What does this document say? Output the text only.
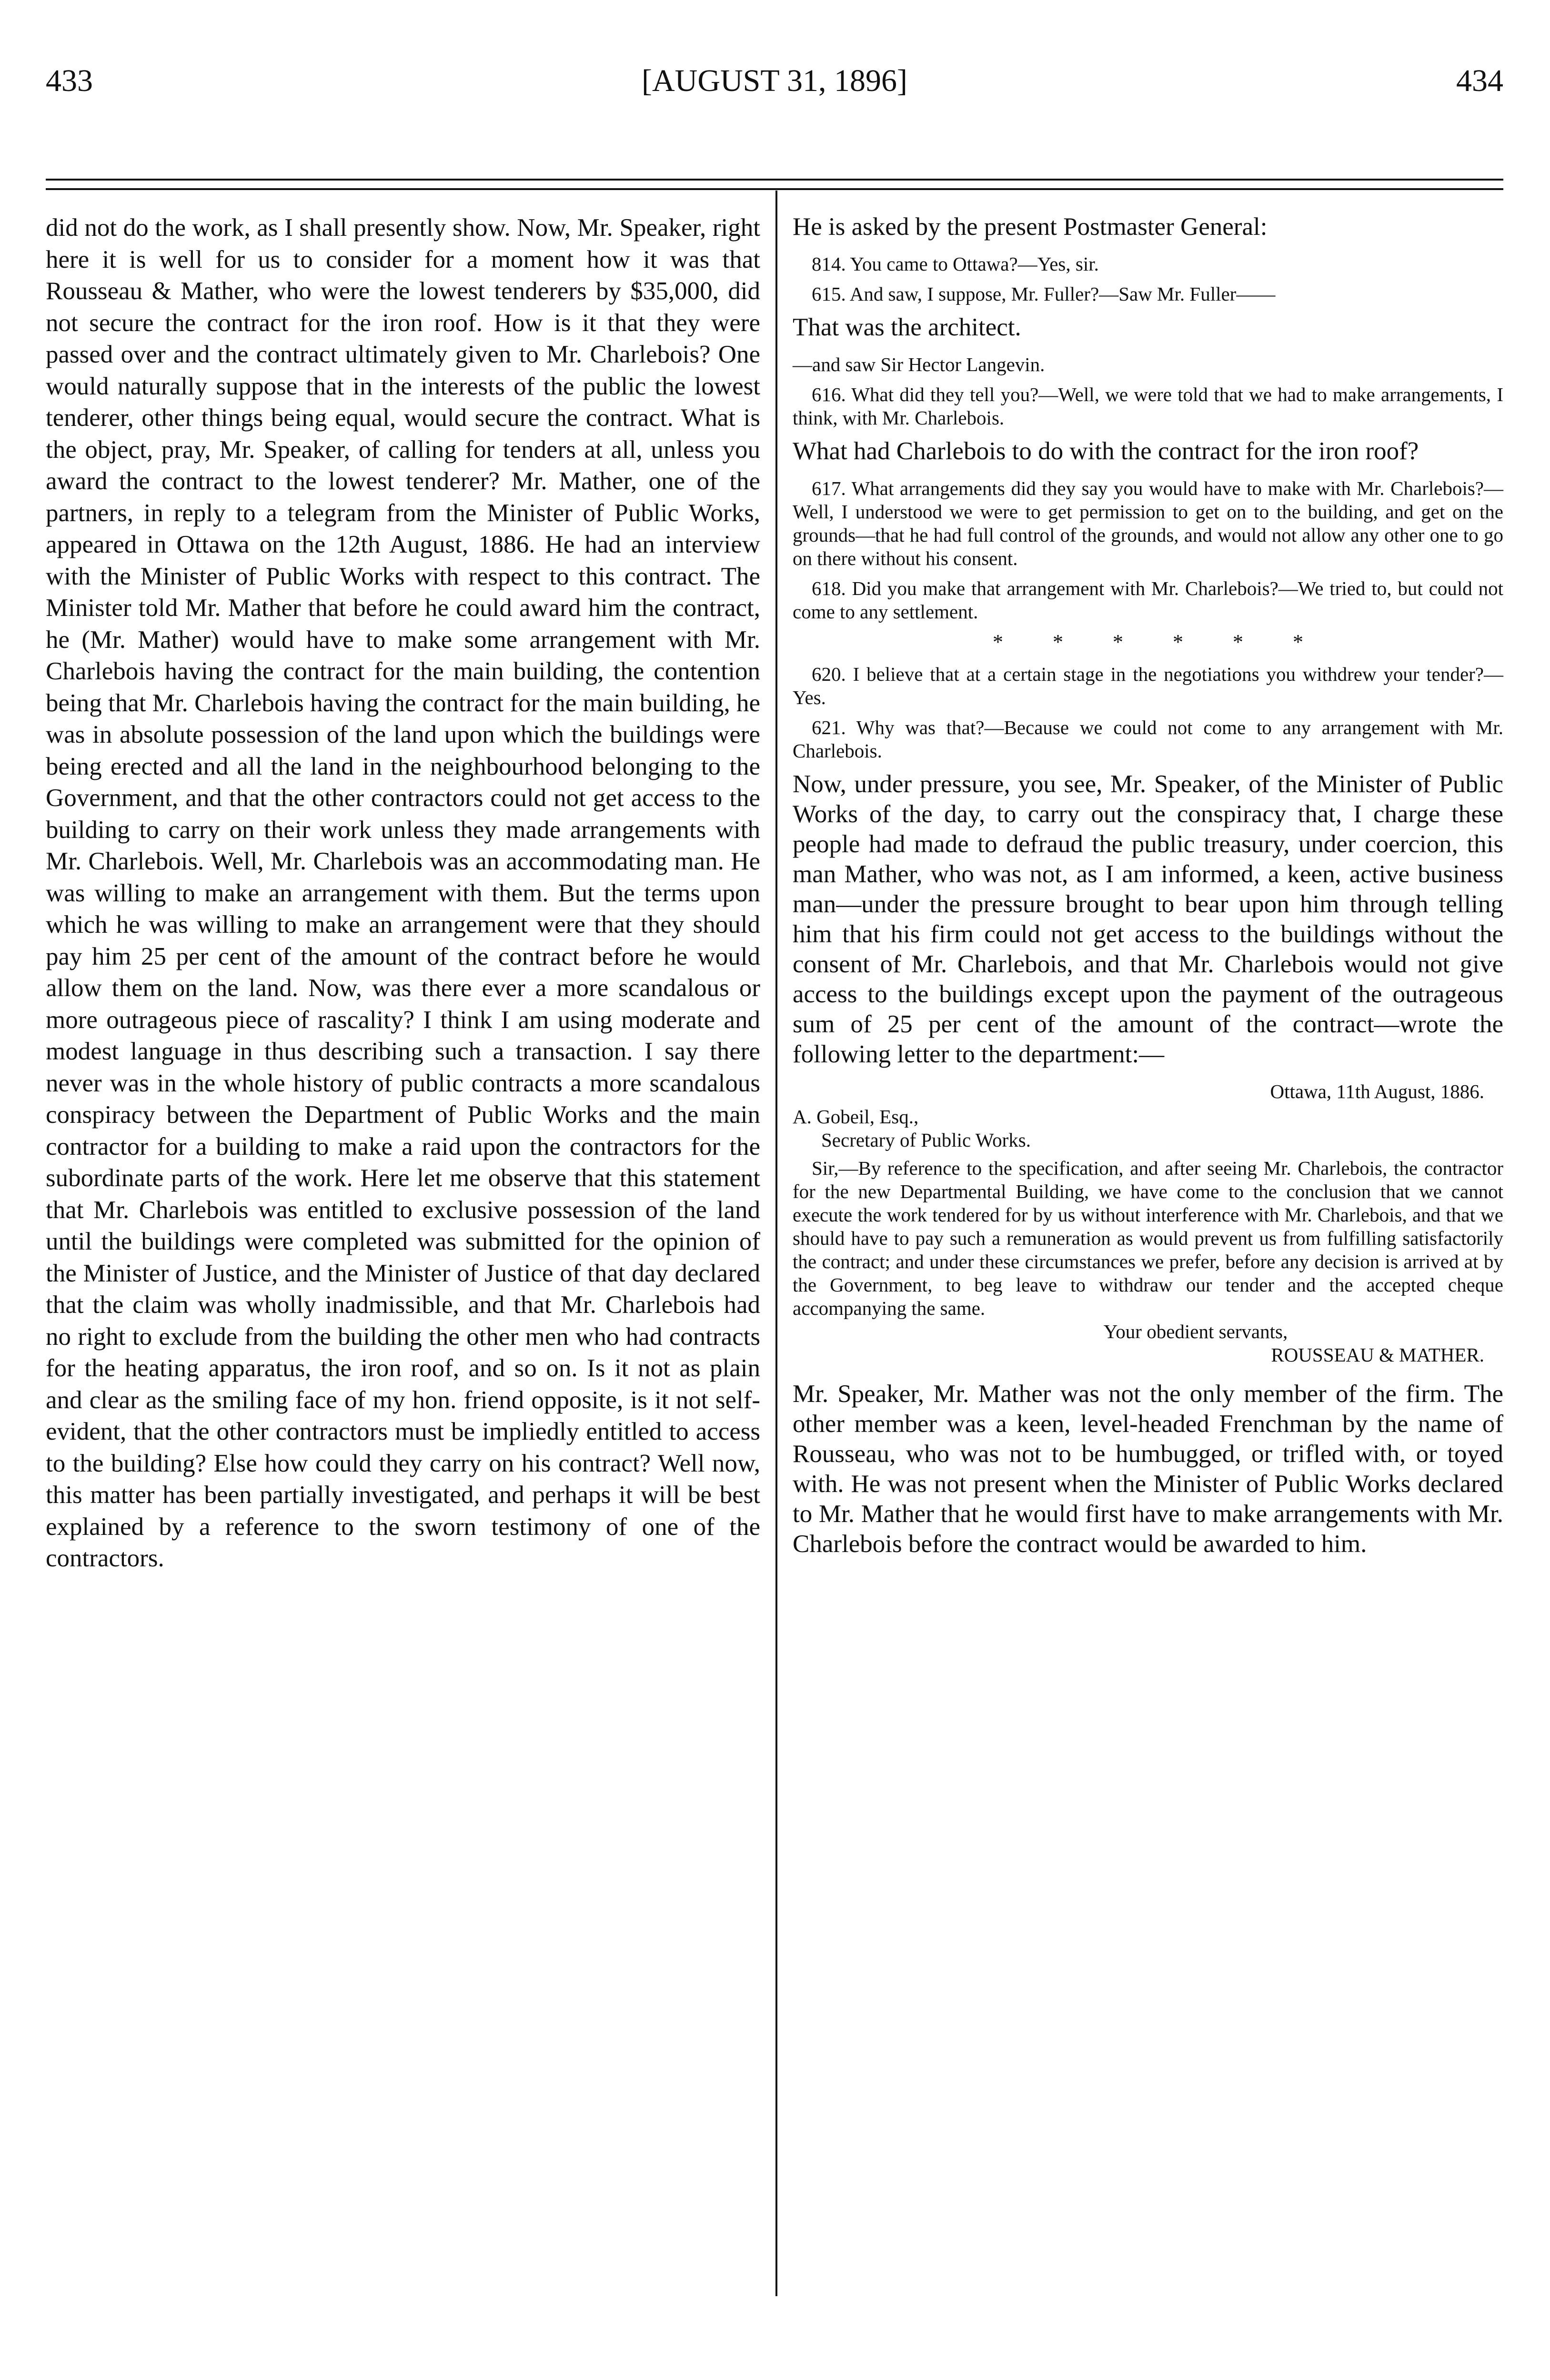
433	[AUGUST 31, 1896]	434

did not do the work, as I shall presently show. Now, Mr. Speaker, right here it is well for us to consider for a moment how it was that Rousseau & Mather, who were the lowest tenderers by $35,000, did not secure the contract for the iron roof. How is it that they were passed over and the contract ultimately given to Mr. Charlebois? One would naturally suppose that in the interests of the public the lowest tenderer, other things being equal, would secure the contract. What is the object, pray, Mr. Speaker, of calling for tenders at all, unless you award the contract to the lowest tenderer? Mr. Mather, one of the partners, in reply to a telegram from the Minister of Public Works, appeared in Ottawa on the 12th August, 1886. He had an interview with the Minister of Public Works with respect to this contract. The Minister told Mr. Mather that before he could award him the contract, he (Mr. Mather) would have to make some arrangement with Mr. Charlebois having the contract for the main building, the contention being that Mr. Charlebois having the contract for the main building, he was in absolute possession of the land upon which the buildings were being erected and all the land in the neighbourhood belonging to the Government, and that the other contractors could not get access to the building to carry on their work unless they made arrangements with Mr. Charlebois. Well, Mr. Charlebois was an accommodating man. He was willing to make an arrangement with them. But the terms upon which he was willing to make an arrangement were that they should pay him 25 per cent of the amount of the contract before he would allow them on the land. Now, was there ever a more scandalous or more outrageous piece of rascality? I think I am using moderate and modest language in thus describing such a transaction. I say there never was in the whole history of public contracts a more scandalous conspiracy between the Department of Public Works and the main contractor for a building to make a raid upon the contractors for the subordinate parts of the work. Here let me observe that this statement that Mr. Charlebois was entitled to exclusive possession of the land until the buildings were completed was submitted for the opinion of the Minister of Justice, and the Minister of Justice of that day declared that the claim was wholly inadmissible, and that Mr. Charlebois had no right to exclude from the building the other men who had contracts for the heating apparatus, the iron roof, and so on. Is it not as plain and clear as the smiling face of my hon. friend opposite, is it not self-evident, that the other contractors must be impliedly entitled to access to the building? Else how could they carry on his contract? Well now, this matter has been partially investigated, and perhaps it will be best explained by a reference to the sworn testimony of one of the contractors.

He is asked by the present Postmaster General:

814. You came to Ottawa?—Yes, sir.

615. And saw, I suppose, Mr. Fuller?—Saw Mr. Fuller——

That was the architect.

—and saw Sir Hector Langevin.

616. What did they tell you?—Well, we were told that we had to make arrangements, I think, with Mr. Charlebois.

What had Charlebois to do with the contract for the iron roof?

617. What arrangements did they say you would have to make with Mr. Charlebois?—Well, I understood we were to get permission to get on to the building, and get on the grounds—that he had full control of the grounds, and would not allow any other one to go on there without his consent.

618. Did you make that arrangement with Mr. Charlebois?—We tried to, but could not come to any settlement.

* * * * * *

620. I believe that at a certain stage in the negotiations you withdrew your tender?—Yes.

621. Why was that?—Because we could not come to any arrangement with Mr. Charlebois.

Now, under pressure, you see, Mr. Speaker, of the Minister of Public Works of the day, to carry out the conspiracy that, I charge these people had made to defraud the public treasury, under coercion, this man Mather, who was not, as I am informed, a keen, active business man—under the pressure brought to bear upon him through telling him that his firm could not get access to the buildings without the consent of Mr. Charlebois, and that Mr. Charlebois would not give access to the buildings except upon the payment of the outrageous sum of 25 per cent of the amount of the contract—wrote the following letter to the department:—

Ottawa, 11th August, 1886.

A. Gobeil, Esq.,

Secretary of Public Works.

Sir,—By reference to the specification, and after seeing Mr. Charlebois, the contractor for the new Departmental Building, we have come to the conclusion that we cannot execute the work tendered for by us without interference with Mr. Charlebois, and that we should have to pay such a remuneration as would prevent us from fulfilling satisfactorily the contract; and under these circumstances we prefer, before any decision is arrived at by the Government, to beg leave to withdraw our tender and the accepted cheque accompanying the same.

Your obedient servants,

ROUSSEAU & MATHER.

Mr. Speaker, Mr. Mather was not the only member of the firm. The other member was a keen, level-headed Frenchman by the name of Rousseau, who was not to be humbugged, or trifled with, or toyed with. He was not present when the Minister of Public Works declared to Mr. Mather that he would first have to make arrangements with Mr. Charlebois before the contract would be awarded to him.
